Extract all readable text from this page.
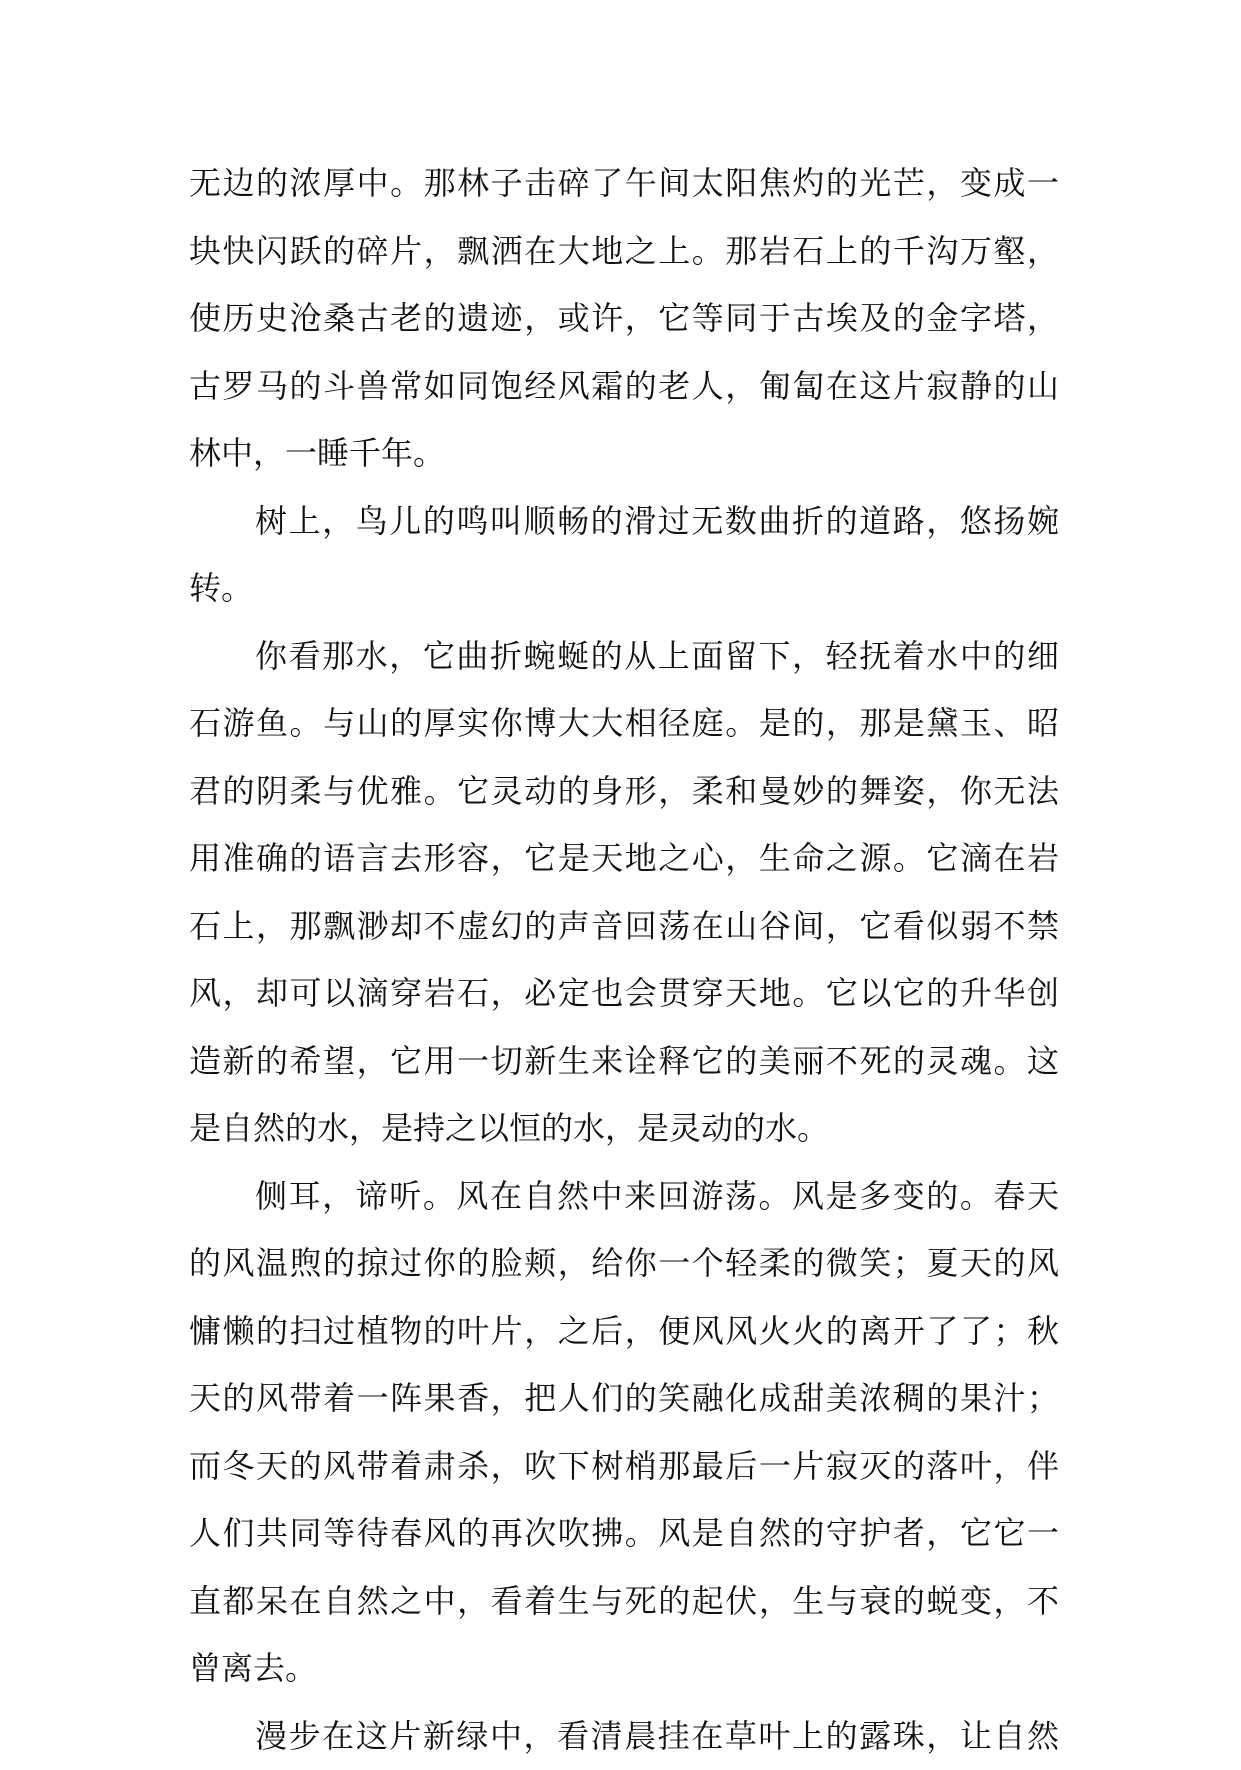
无边的浓厚中。那林子击碎了午间太阳焦灼的光芒，变成一
块快闪跃的碎片，飘洒在大地之上。那岩石上的千沟万壑，
使历史沧桑古老的遗迹，或许，它等同于古埃及的金字塔，
古罗马的斗兽常如同饱经风霜的老人，匍匐在这片寂静的山
林中，一睡千年。
树上，鸟儿的鸣叫顺畅的滑过无数曲折的道路，悠扬婉
转。
你看那水，它曲折蜿蜒的从上面留下，轻抚着水中的细
石游鱼。与山的厚实你博大大相径庭。是的，那是黛玉、昭
君的阴柔与优雅。它灵动的身形，柔和曼妙的舞姿，你无法
用准确的语言去形容，它是天地之心，生命之源。它滴在岩
石上，那飘渺却不虚幻的声音回荡在山谷间，它看似弱不禁
风，却可以滴穿岩石，必定也会贯穿天地。它以它的升华创
造新的希望，它用一切新生来诠释它的美丽不死的灵魂。这
是自然的水，是持之以恒的水，是灵动的水。
侧耳，谛听。风在自然中来回游荡。风是多变的。春天
的风温煦的掠过你的脸颊，给你一个轻柔的微笑；夏天的风
慵懒的扫过植物的叶片，之后，便风风火火的离开了了；秋
天的风带着一阵果香，把人们的笑融化成甜美浓稠的果汁；
而冬天的风带着肃杀，吹下树梢那最后一片寂灭的落叶，伴
人们共同等待春风的再次吹拂。风是自然的守护者，它它一
直都呆在自然之中，看着生与死的起伏，生与衰的蜕变，不
曾离去。
漫步在这片新绿中，看清晨挂在草叶上的露珠，让自然
